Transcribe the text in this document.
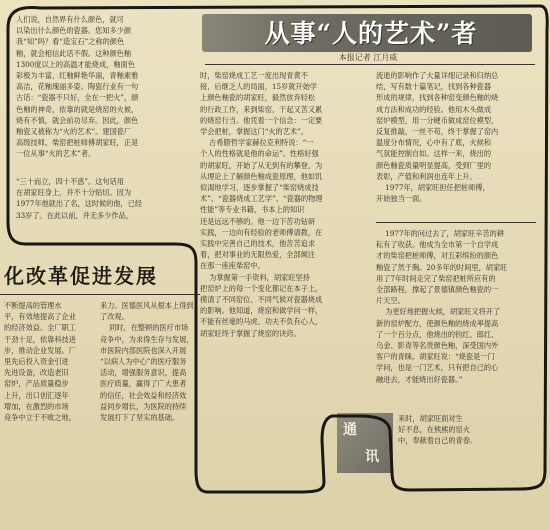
人们说，自然界有什么颜色，就可
以染出什么颜色的瓷器。您知多少颜
我“知”吗？看“造宝石”之称的颜色
釉，就会相信此话不假。这种颜色釉
1300度以上的高温才能烧成，釉面色
彩极为丰富，红釉鲜艳华丽，青釉素雅
高洁，花釉瑰丽多姿。陶瓷行业有一句
古话：“瓷器不只好，全在一把火”，颜
色釉的神奇，依靠的就是烧窑的火候，
烧有不慎，就会前功尽弃。因此，颜色
釉瓷又被称为“火的艺术”。建国瓷厂
高级技师、柴窑把桩师傅胡家旺，正是
一位从事“火的艺术”者。
“三十而立，四十不惑”。这句话用
在胡家旺身上，并不十分贴切。因为
1977年他就出了名，这时候的他，已经
33岁了。在此以前，并无多少作品，
从事“人的艺术”者
本报记者 江月威
时，柴窑烧成工艺一度出现青黄不
接，后继乏人的局面，15岁就开始学
上颜色釉瓷的胡家旺，毅然放弃轻松
的行政工作，来到柴窑，干起又苦又累
的烧窑行当。他凭着一个信念：一定要
学会把桩，掌握这门“火的艺术”。
古希腊哲学家赫拉克利特说：“一
个人的性格就是他的命运”。性格好强
的胡家旺，开始了从无到有的攀登，为
从理论上了解颜色釉成瓷原理，他如饥
似渴地学习，逐步掌握了“柴窑烧成技
术”、“瓷器烧成工艺学”、“瓷器的物理
性能”等专业书籍，书本上的知识
还是远远不够的。他一边下苦功钻研
实践，一边向有经验的老师傅请教，在
实践中完善自己的技术，他苦苦追求
着，把对事业的无限热爱，全部倾注
在那一座座柴窑中。
为掌握第一手资料，胡家旺坚持
把窑炉上的每一个变化都记在本子上，
摸清了不同窑位、不同气候对瓷器烧成
的影响。他知道，烧窑和做学问一样，
不能有丝毫的马虎。功夫不负有心人，
胡家旺终于掌握了烧窑的诀窍。
流逝的影响作了大量详细记录和归纳总
结，写有数十篇笔记，找到各种瓷器
形成的规律，找到各种窑变颜色釉的烧
成方法和成功的经验。他用木头做成
窑炉模型，用一分硬币做成窑位模型，
反复推敲，一丝不苟，终于掌握了窑内
温度分布情况，心中有了底，火候和
气氛能控制自如。这样一来，烧出的
颜色釉瓷质量明显提高，受到厂里的
表彰，产值和利润也连年上升。
1977年，胡家旺担任把桩师傅，
开始独当一面。
1977年的问过去了，胡家旺辛苦的耕
耘有了收获。他成为全市第一个自学成
才的柴窑把桩师傅，对五彩缤纷的颜色
釉瓷了然于胸。20多年的时间里，胡家旺
用了7年时间走完了柴窑把桩所应有的
全部路程，撑起了景德镇颜色釉瓷的一
片天空。
为更好地把握火候，胡家旺又将开了
新的窑炉配方，使颜色釉的烧成率提高
了一个百分点，他烧出的钧红、郎红、
乌金、影青等名贵颜色釉，深受国内外
客户的青睐。胡家旺说：“烧瓷是一门
学问，也是一门艺术，只有把自己的心
融进去，才能烧出好瓷器。”
通
讯
来时，胡家旺面对生
好不息，在熊熊的窑火
中，奉献着自己的青春。
化改革促进发展
不断提高的管理水
平，有效地提高了企业
的经济效益。全厂职工
干劲十足，依靠科技进
步，推动企业发展。厂
里先后投入资金引进
先进设备，改造老旧
窑炉，产品质量稳步
上升，出口创汇逐年
增加，在激烈的市场
竞争中立于不败之地。
来力。医德医风从根本上得到
了改观。
同时，在整顿的医疗市场
竞争中，为求得生存与发展，
市医院内部医院也深入开展
“以病人为中心”的医疗服务
活动，增强服务意识，提高
医疗质量，赢得了广大患者
的信任，社会效益和经济效
益同步增长，为医院的持续
发展打下了坚实的基础。
